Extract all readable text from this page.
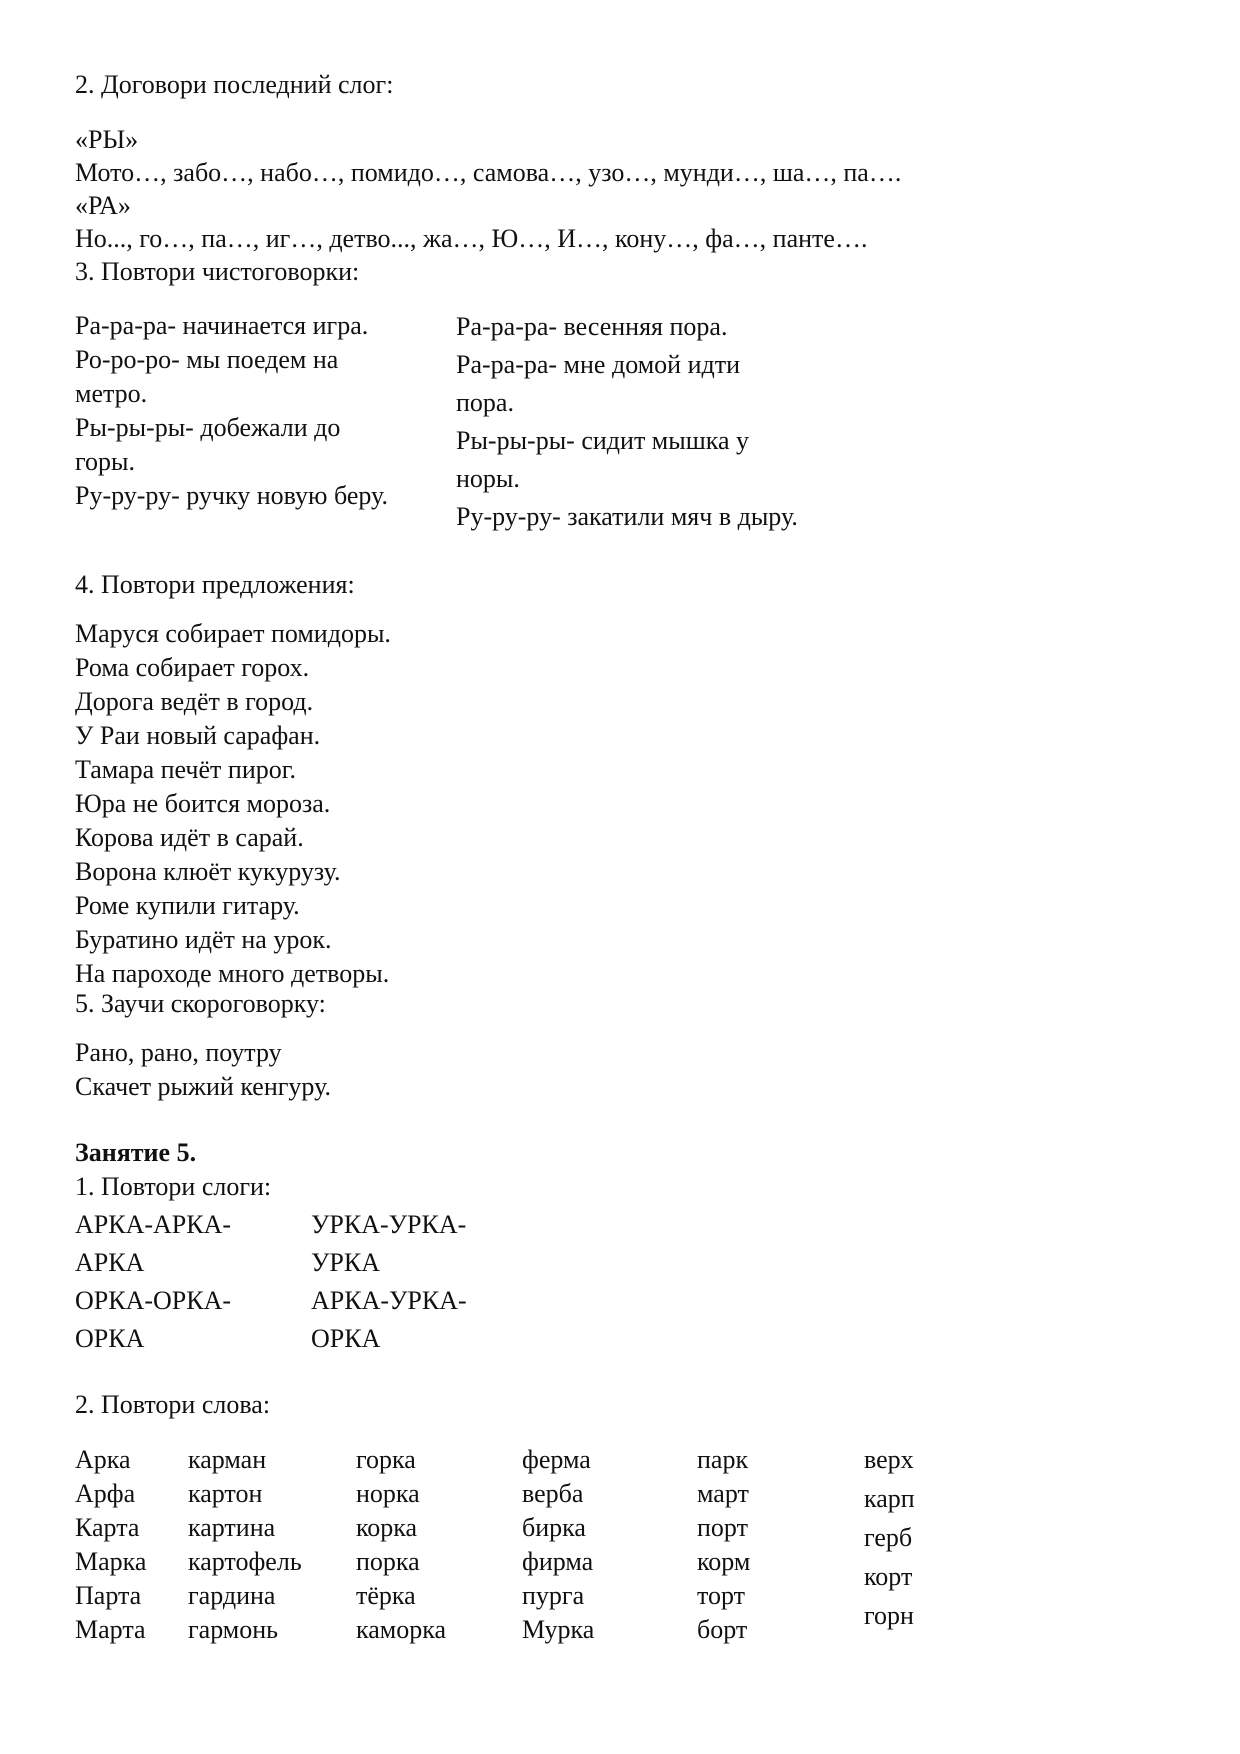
2. Договори последний слог:
«РЫ»
Мото…, забо…, набо…, помидо…, самова…, узо…, мунди…, ша…, па….
«РА»
Но..., го…, па…, иг…, детво..., жа…, Ю…, И…, кону…, фа…, панте….
3. Повтори чистоговорки:
Ра-ра-ра- начинается игра.
Ро-ро-ро- мы поедем на
метро.
Ры-ры-ры- добежали до
горы.
Ру-ру-ру- ручку новую беру.
Ра-ра-ра- весенняя пора.
Ра-ра-ра- мне домой идти
пора.
Ры-ры-ры- сидит мышка у
норы.
Ру-ру-ру- закатили мяч в дыру.
4. Повтори предложения:
Маруся собирает помидоры.
Рома собирает горох.
Дорога ведёт в город.
У Раи новый сарафан.
Тамара печёт пирог.
Юра не боится мороза.
Корова идёт в сарай.
Ворона клюёт кукурузу.
Роме купили гитару.
Буратино идёт на урок.
На пароходе много детворы.
5. Заучи скороговорку:
Рано, рано, поутру
Скачет рыжий кенгуру.
Занятие 5.
1. Повтори слоги:
АРКА-АРКА-
АРКА
ОРКА-ОРКА-
ОРКА
УРКА-УРКА-
УРКА
АРКА-УРКА-
ОРКА
2. Повтори слова:
Арка
Арфа
Карта
Марка
Парта
Марта
карман
картон
картина
картофель
гардина
гармонь
горка
норка
корка
порка
тёрка
каморка
ферма
верба
бирка
фирма
пурга
Мурка
парк
март
порт
корм
торт
борт
верх
карп
герб
корт
горн
